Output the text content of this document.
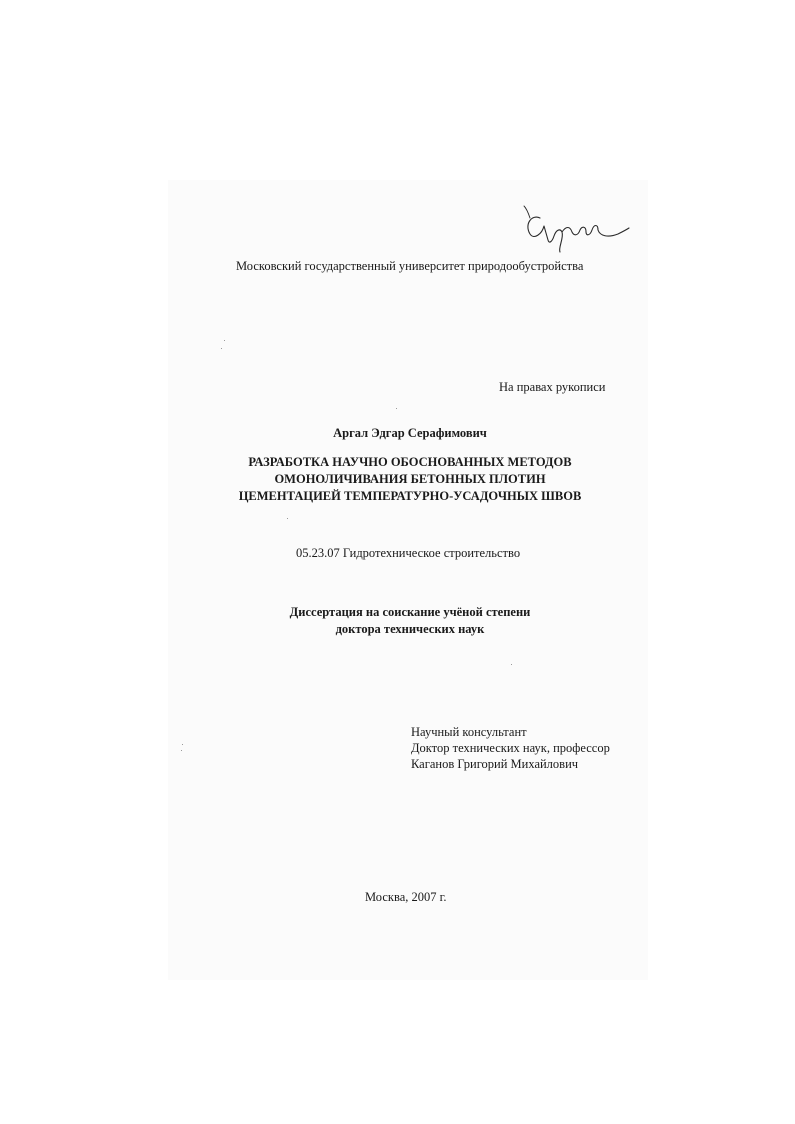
Московский государственный университет природообустройства
На правах рукописи
Аргал Эдгар Серафимович
РАЗРАБОТКА НАУЧНО ОБОСНОВАННЫХ МЕТОДОВ
ОМОНОЛИЧИВАНИЯ БЕТОННЫХ ПЛОТИН
ЦЕМЕНТАЦИЕЙ ТЕМПЕРАТУРНО-УСАДОЧНЫХ ШВОВ
05.23.07 Гидротехническое строительство
Диссертация на соискание учёной степени
доктора технических наук
Научный консультант
Доктор технических наук, профессор
Каганов Григорий Михайлович
Москва, 2007 г.
